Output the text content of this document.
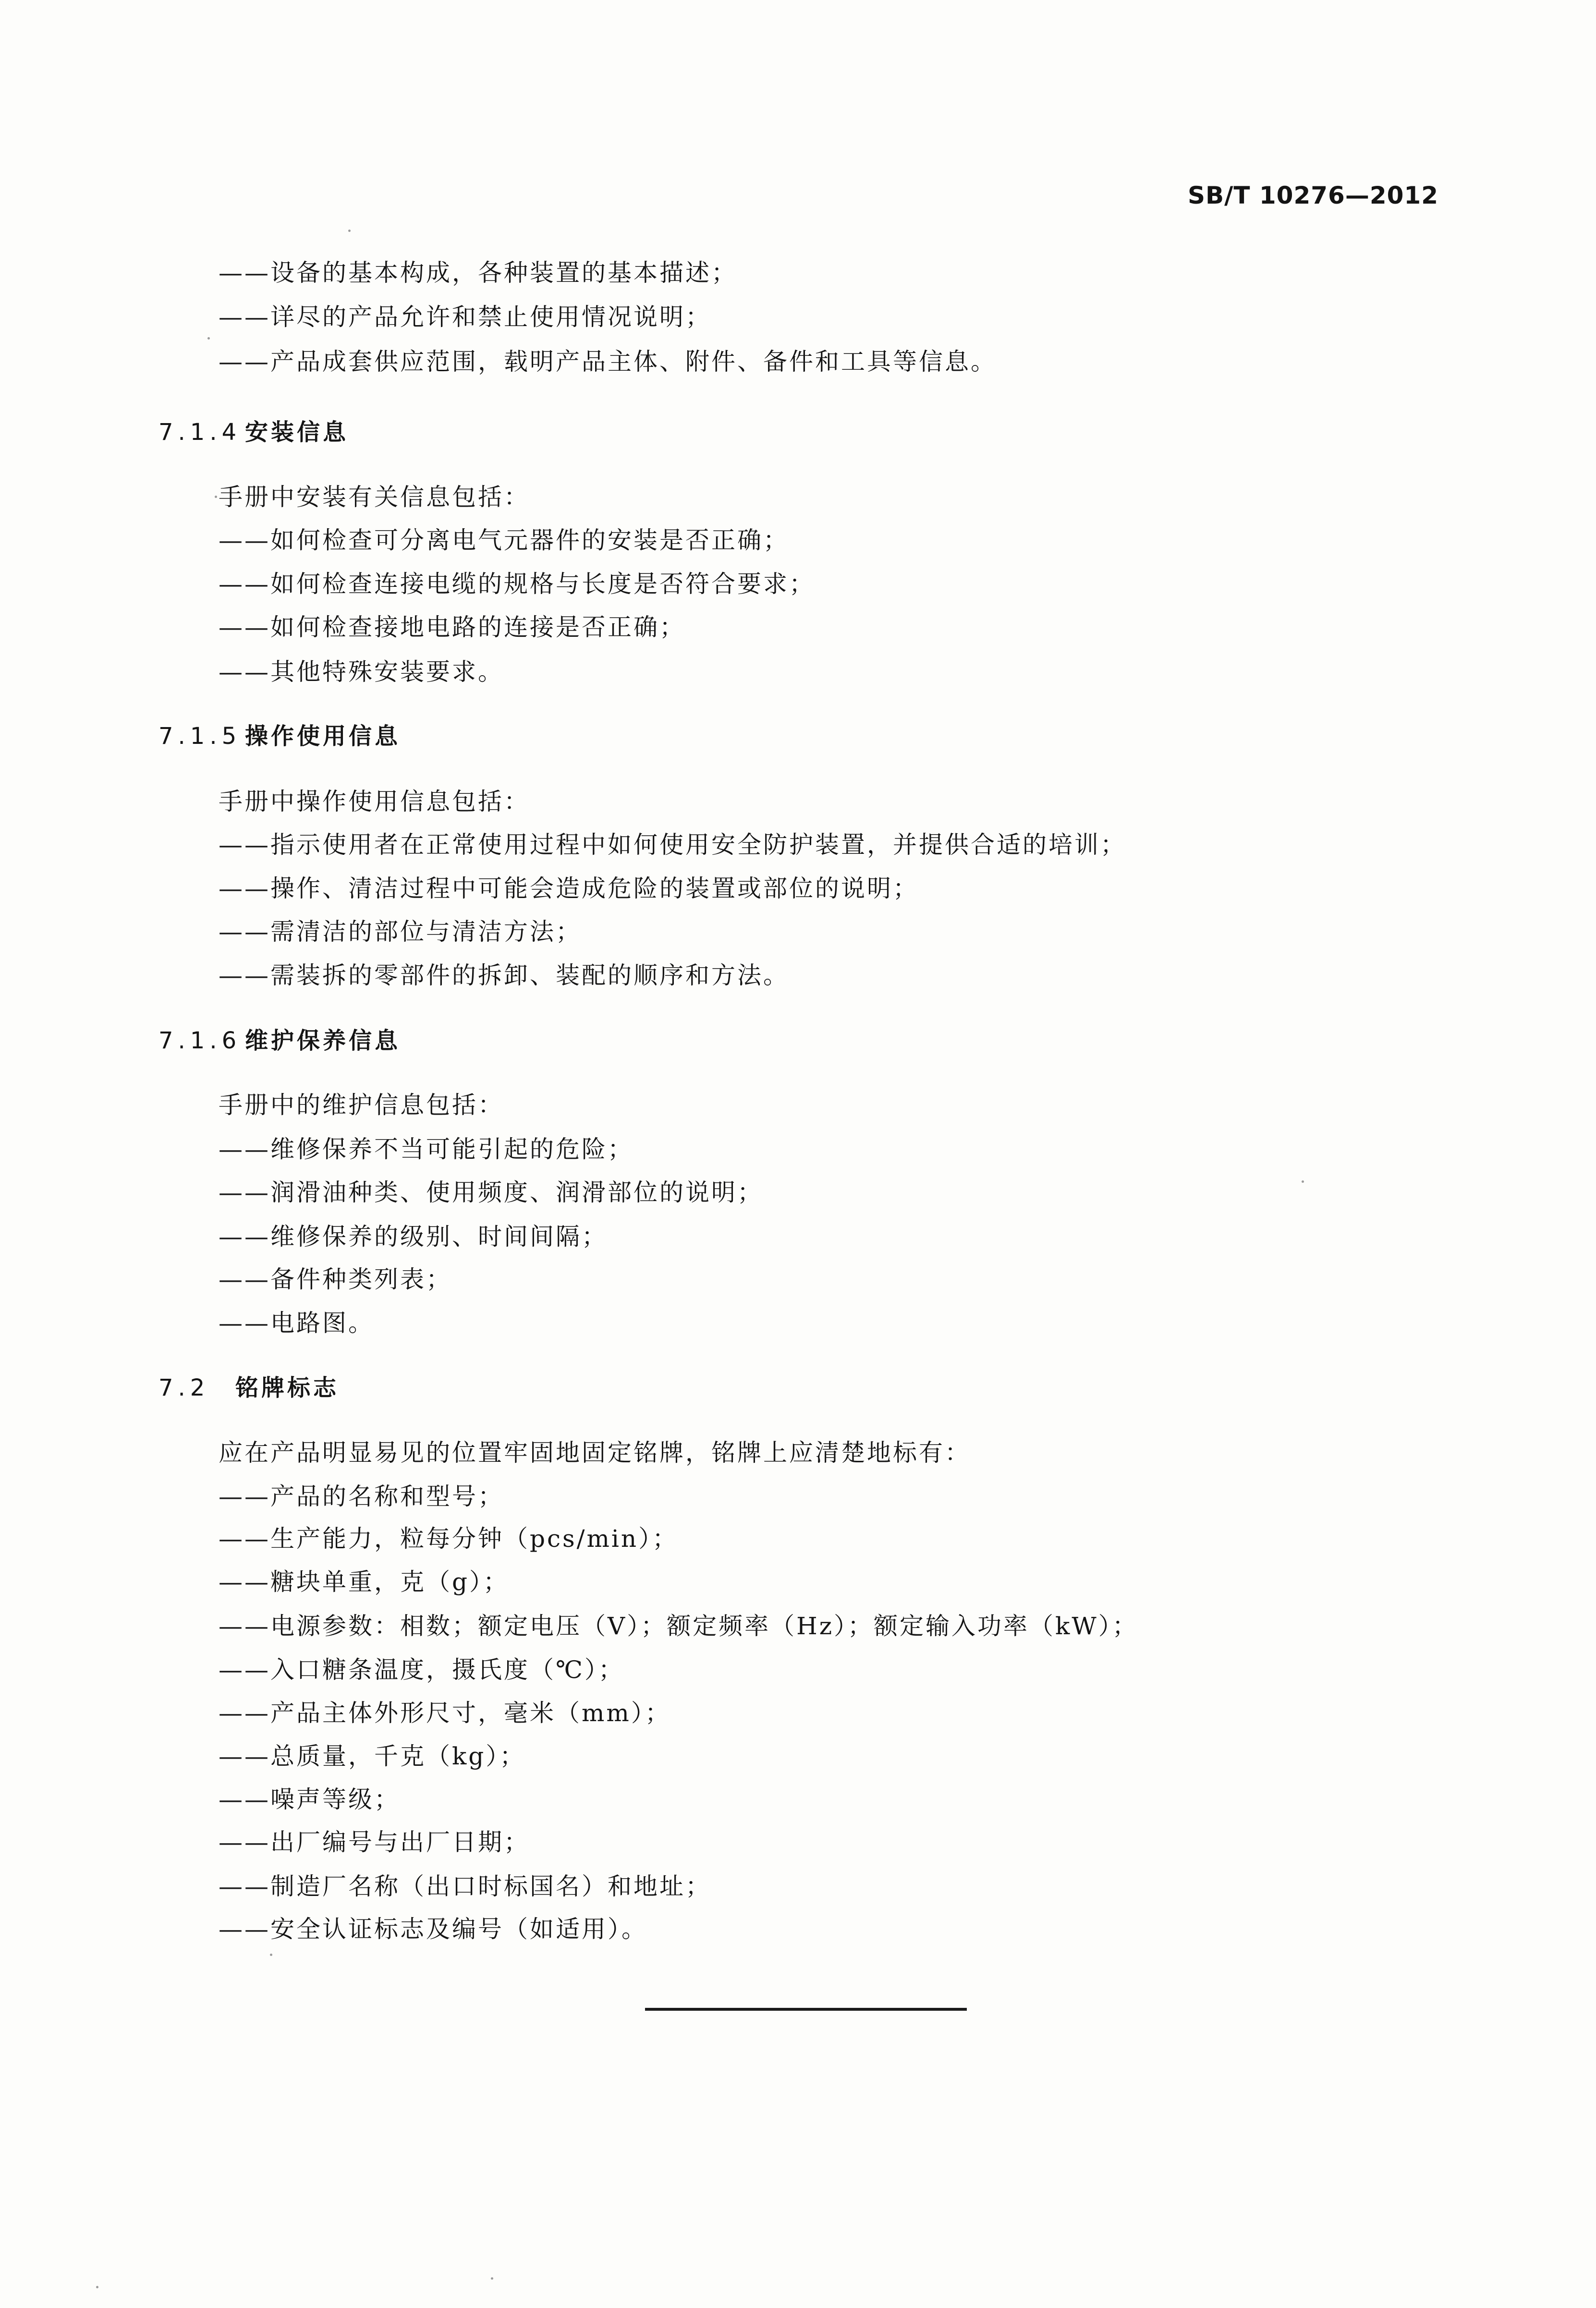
SB/T 10276—2012
——设备的基本构成，各种装置的基本描述；
——详尽的产品允许和禁止使用情况说明；
——产品成套供应范围，载明产品主体、附件、备件和工具等信息。
7.1.4 安装信息
手册中安装有关信息包括：
——如何检查可分离电气元器件的安装是否正确；
——如何检查连接电缆的规格与长度是否符合要求；
——如何检查接地电路的连接是否正确；
——其他特殊安装要求。
7.1.5 操作使用信息
手册中操作使用信息包括：
——指示使用者在正常使用过程中如何使用安全防护装置，并提供合适的培训；
——操作、清洁过程中可能会造成危险的装置或部位的说明；
——需清洁的部位与清洁方法；
——需装拆的零部件的拆卸、装配的顺序和方法。
7.1.6 维护保养信息
手册中的维护信息包括：
——维修保养不当可能引起的危险；
——润滑油种类、使用频度、润滑部位的说明；
——维修保养的级别、时间间隔；
——备件种类列表；
——电路图。
7.2 铭牌标志
应在产品明显易见的位置牢固地固定铭牌，铭牌上应清楚地标有：
——产品的名称和型号；
——生产能力，粒每分钟（pcs/min）；
——糖块单重，克（g）；
——电源参数：相数；额定电压（V）；额定频率（Hz）；额定输入功率（kW）；
——入口糖条温度，摄氏度（℃）；
——产品主体外形尺寸，毫米（mm）；
——总质量，千克（kg）；
——噪声等级；
——出厂编号与出厂日期；
——制造厂名称（出口时标国名）和地址；
——安全认证标志及编号（如适用）。
